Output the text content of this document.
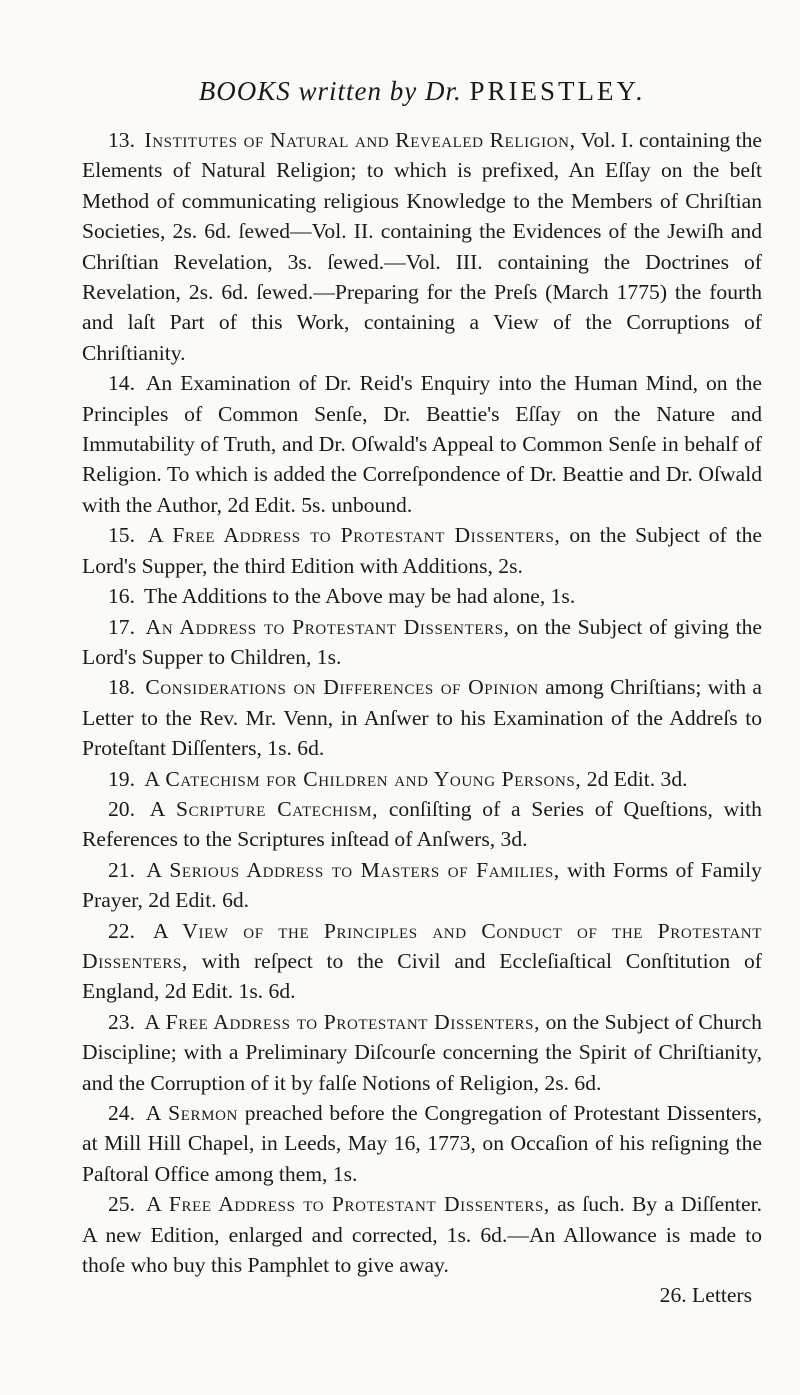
BOOKS written by Dr. PRIESTLEY.

13. Institutes of Natural and Revealed Religion, Vol. I. containing the Elements of Natural Religion; to which is prefixed, An Eſſay on the beſt Method of communicating religious Knowledge to the Members of Chriſtian Societies, 2s. 6d. ſewed—Vol. II. containing the Evidences of the Jewiſh and Chriſtian Revelation, 3s. ſewed.—Vol. III. containing the Doctrines of Revelation, 2s. 6d. ſewed.—Preparing for the Preſs (March 1775) the fourth and laſt Part of this Work, containing a View of the Corruptions of Chriſtianity.

14. An Examination of Dr. Reid's Enquiry into the Human Mind, on the Principles of Common Senſe, Dr. Beattie's Eſſay on the Nature and Immutability of Truth, and Dr. Oſwald's Appeal to Common Senſe in behalf of Religion. To which is added the Correſpondence of Dr. Beattie and Dr. Oſwald with the Author, 2d Edit. 5s. unbound.

15. A Free Address to Protestant Dissenters, on the Subject of the Lord's Supper, the third Edition with Additions, 2s.

16. The Additions to the Above may be had alone, 1s.

17. An Address to Protestant Dissenters, on the Subject of giving the Lord's Supper to Children, 1s.

18. Considerations on Differences of Opinion among Chriſtians; with a Letter to the Rev. Mr. Venn, in Anſwer to his Examination of the Addreſs to Proteſtant Diſſenters, 1s. 6d.

19. A Catechism for Children and Young Persons, 2d Edit. 3d.

20. A Scripture Catechism, conſiſting of a Series of Queſtions, with References to the Scriptures inſtead of Anſwers, 3d.

21. A Serious Address to Masters of Families, with Forms of Family Prayer, 2d Edit. 6d.

22. A View of the Principles and Conduct of the Protestant Dissenters, with reſpect to the Civil and Eccleſiaſtical Conſtitution of England, 2d Edit. 1s. 6d.

23. A Free Address to Protestant Dissenters, on the Subject of Church Discipline; with a Preliminary Diſcourſe concerning the Spirit of Chriſtianity, and the Corruption of it by falſe Notions of Religion, 2s. 6d.

24. A Sermon preached before the Congregation of Protestant Dissenters, at Mill Hill Chapel, in Leeds, May 16, 1773, on Occaſion of his reſigning the Paſtoral Office among them, 1s.

25. A Free Address to Protestant Dissenters, as ſuch. By a Diſſenter. A new Edition, enlarged and corrected, 1s. 6d.—An Allowance is made to thoſe who buy this Pamphlet to give away.

26. Letters
